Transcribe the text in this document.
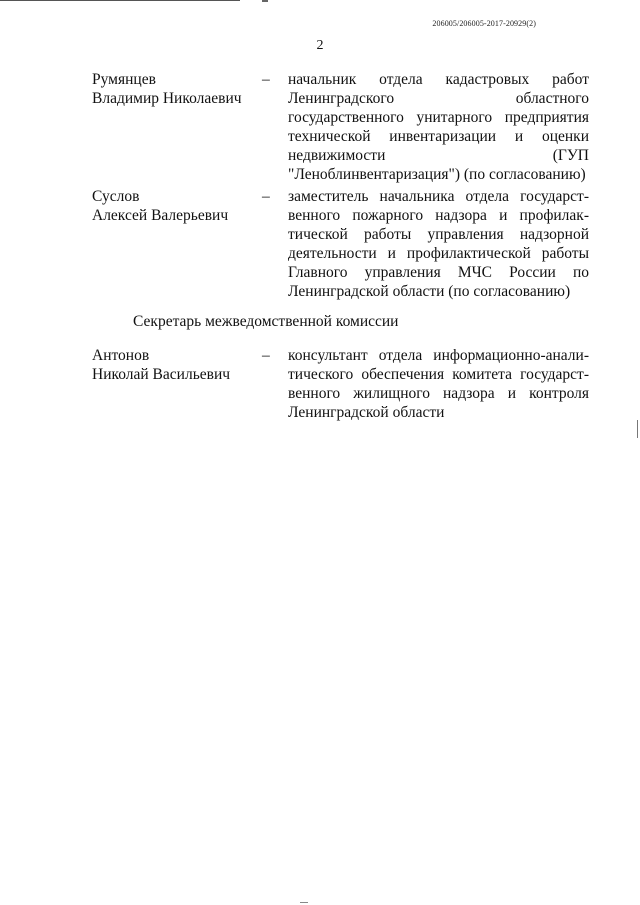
206005/206005-2017-20929(2)
2
Румянцев
Владимир Николаевич
– начальник отдела кадастровых работ Ленинградского областного государственного унитарного предприятия технической инвентаризации и оценки недвижимости (ГУП "Леноблинвентаризация") (по согласованию)
Суслов
Алексей Валерьевич
– заместитель начальника отдела государственного пожарного надзора и профилактической работы управления надзорной деятельности и профилактической работы Главного управления МЧС России по Ленинградской области (по согласованию)
Секретарь межведомственной комиссии
Антонов
Николай Васильевич
– консультант отдела информационно-аналитического обеспечения комитета государственного жилищного надзора и контроля Ленинградской области
